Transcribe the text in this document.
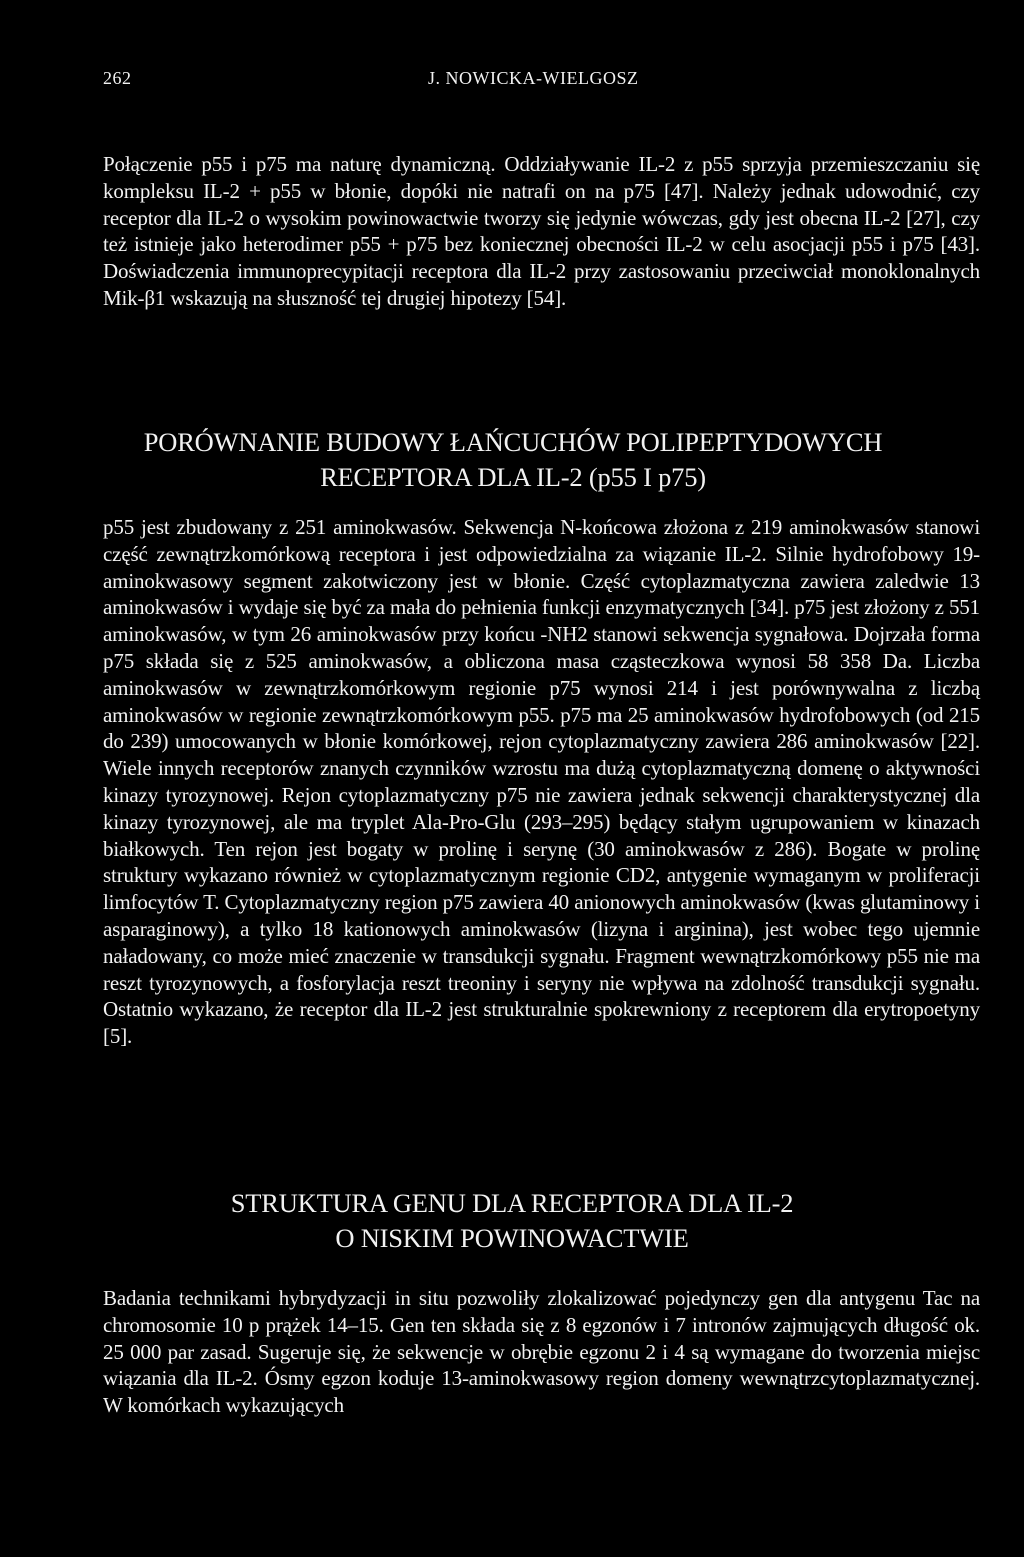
262	J. NOWICKA-WIELGOSZ

Połączenie p55 i p75 ma naturę dynamiczną. Oddziaływanie IL-2 z p55 sprzyja przemieszczaniu się kompleksu IL-2 + p55 w błonie, dopóki nie natrafi on na p75 [47]. Należy jednak udowodnić, czy receptor dla IL-2 o wysokim powinowactwie tworzy się jedynie wówczas, gdy jest obecna IL-2 [27], czy też istnieje jako heterodimer p55 + p75 bez koniecznej obecności IL-2 w celu asocjacji p55 i p75 [43]. Doświadczenia immunoprecypitacji receptora dla IL-2 przy zastosowaniu przeciwciał monoklonalnych Mik-β1 wskazują na słuszność tej drugiej hipotezy [54].

PORÓWNANIE BUDOWY ŁAŃCUCHÓW POLIPEPTYDOWYCH
RECEPTORA DLA IL-2 (p55 I p75)

p55 jest zbudowany z 251 aminokwasów. Sekwencja N-końcowa złożona z 219 aminokwasów stanowi część zewnątrzkomórkową receptora i jest odpowiedzialna za wiązanie IL-2. Silnie hydrofobowy 19-aminokwasowy segment zakotwiczony jest w błonie. Część cytoplazmatyczna zawiera zaledwie 13 aminokwasów i wydaje się być za mała do pełnienia funkcji enzymatycznych [34]. p75 jest złożony z 551 aminokwasów, w tym 26 aminokwasów przy końcu -NH2 stanowi sekwencja sygnałowa. Dojrzała forma p75 składa się z 525 aminokwasów, a obliczona masa cząsteczkowa wynosi 58 358 Da. Liczba aminokwasów w zewnątrzkomórkowym regionie p75 wynosi 214 i jest porównywalna z liczbą aminokwasów w regionie zewnątrzkomórkowym p55. p75 ma 25 aminokwasów hydrofobowych (od 215 do 239) umocowanych w błonie komórkowej, rejon cytoplazmatyczny zawiera 286 aminokwasów [22]. Wiele innych receptorów znanych czynników wzrostu ma dużą cytoplazmatyczną domenę o aktywności kinazy tyrozynowej. Rejon cytoplazmatyczny p75 nie zawiera jednak sekwencji charakterystycznej dla kinazy tyrozynowej, ale ma tryplet Ala-Pro-Glu (293–295) będący stałym ugrupowaniem w kinazach białkowych. Ten rejon jest bogaty w prolinę i serynę (30 aminokwasów z 286). Bogate w prolinę struktury wykazano również w cytoplazmatycznym regionie CD2, antygenie wymaganym w proliferacji limfocytów T. Cytoplazmatyczny region p75 zawiera 40 anionowych aminokwasów (kwas glutaminowy i asparaginowy), a tylko 18 kationowych aminokwasów (lizyna i arginina), jest wobec tego ujemnie naładowany, co może mieć znaczenie w transdukcji sygnału. Fragment wewnątrzkomórkowy p55 nie ma reszt tyrozynowych, a fosforylacja reszt treoniny i seryny nie wpływa na zdolność transdukcji sygnału. Ostatnio wykazano, że receptor dla IL-2 jest strukturalnie spokrewniony z receptorem dla erytropoetyny [5].

STRUKTURA GENU DLA RECEPTORA DLA IL-2
O NISKIM POWINOWACTWIE

Badania technikami hybrydyzacji in situ pozwoliły zlokalizować pojedynczy gen dla antygenu Tac na chromosomie 10 p prążek 14–15. Gen ten składa się z 8 egzonów i 7 intronów zajmujących długość ok. 25 000 par zasad. Sugeruje się, że sekwencje w obrębie egzonu 2 i 4 są wymagane do tworzenia miejsc wiązania dla IL-2. Ósmy egzon koduje 13-aminokwasowy region domeny wewnątrzcytoplazmatycznej. W komórkach wykazujących
